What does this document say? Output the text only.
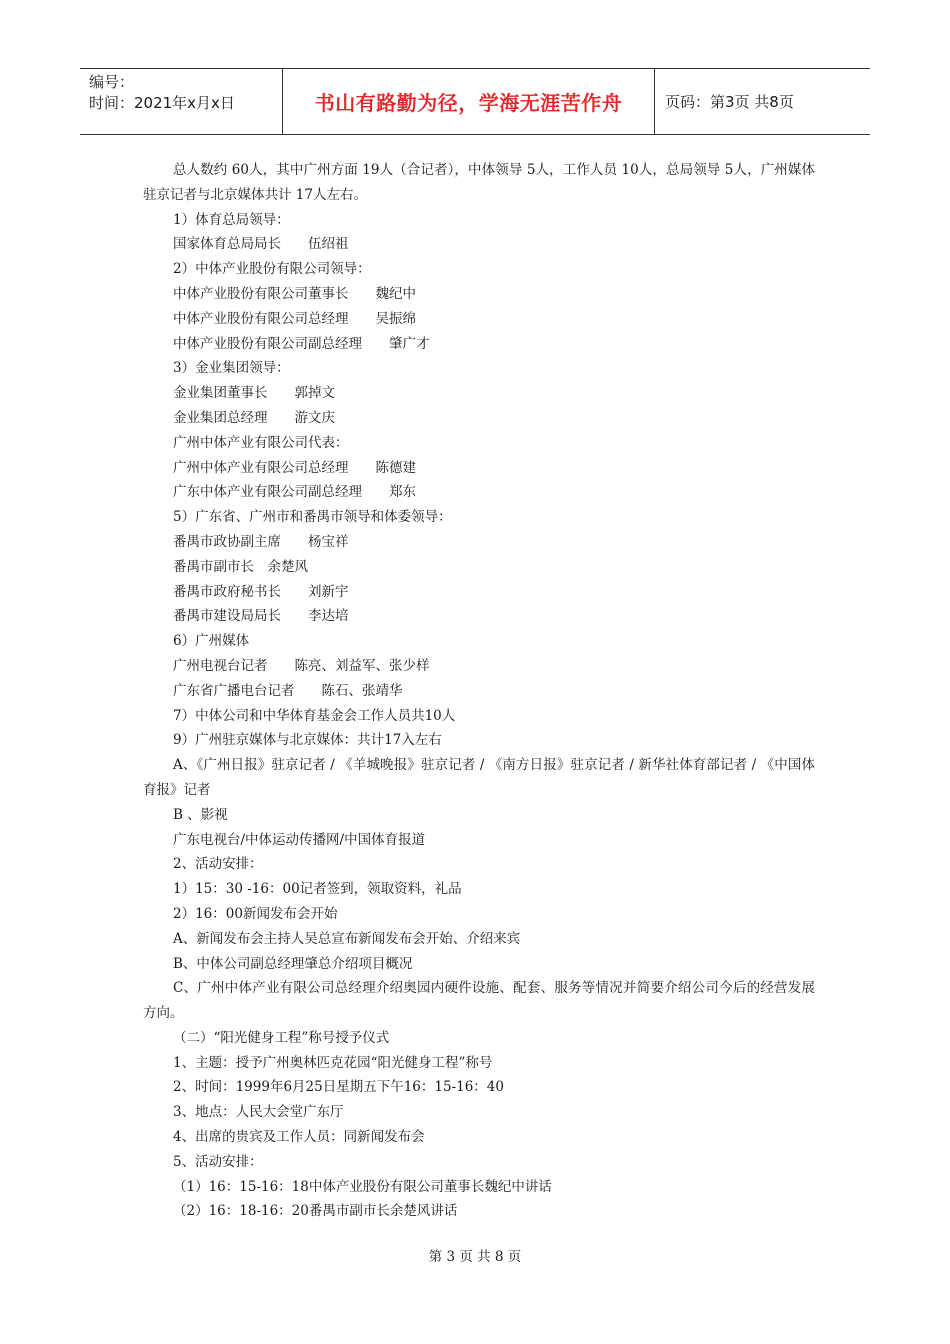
编号：
时间：2021年x月x日	书山有路勤为径，学海无涯苦作舟	页码：第3页 共8页

总人数约 60人，其中广州方面 19人（合记者），中体领导 5人，工作人员 10人，总局领导 5人，广州媒体驻京记者与北京媒体共计 17人左右。

1）体育总局领导：

国家体育总局局长　　伍绍祖

2）中体产业股份有限公司领导：

中体产业股份有限公司董事长　　魏纪中

中体产业股份有限公司总经理　　吴振绵

中体产业股份有限公司副总经理　　肇广才

3）金业集团领导：

金业集团董事长　　郭掉文

金业集团总经理　　游文庆

广州中体产业有限公司代表：

广州中体产业有限公司总经理　　陈德建

广东中体产业有限公司副总经理　　郑东

5）广东省、广州市和番禺市领导和体委领导：

番禺市政协副主席　　杨宝祥

番禺市副市长　余楚风

番禺市政府秘书长　　刘新宇

番禺市建设局局长　　李达培

6）广州媒体

广州电视台记者　　陈亮、刘益军、张少样

广东省广播电台记者　　陈石、张靖华

7）中体公司和中华体育基金会工作人员共10人

9）广州驻京媒体与北京媒体：共计17入左右

A、《广州日报》驻京记者 / 《羊城晚报》驻京记者 / 《南方日报》驻京记者 / 新华社体育部记者 / 《中国体育报》记者

B 、影视

广东电视台/中体运动传播网/中国体育报道

2、活动安排：

1）15：30 -16：00记者签到，领取资料，礼品

2）16：00新闻发布会开始

A、新闻发布会主持人吴总宣布新闻发布会开始、介绍来宾

B、中体公司副总经理肇总介绍项目概况

C、广州中体产业有限公司总经理介绍奥园内硬件设施、配套、服务等情况并简要介绍公司今后的经营发展方向。

（二）“阳光健身工程”称号授予仪式

1、主题：授予广州奥林匹克花园“阳光健身工程”称号

2、时间：1999年6月25日星期五下午16：15-16：40

3、地点：人民大会堂广东厅

4、出席的贵宾及工作人员：同新闻发布会

5、活动安排：

（1）16：15-16：18中体产业股份有限公司董事长魏纪中讲话

（2）16：18-16：20番禺市副市长余楚风讲话

第 3 页 共 8 页
